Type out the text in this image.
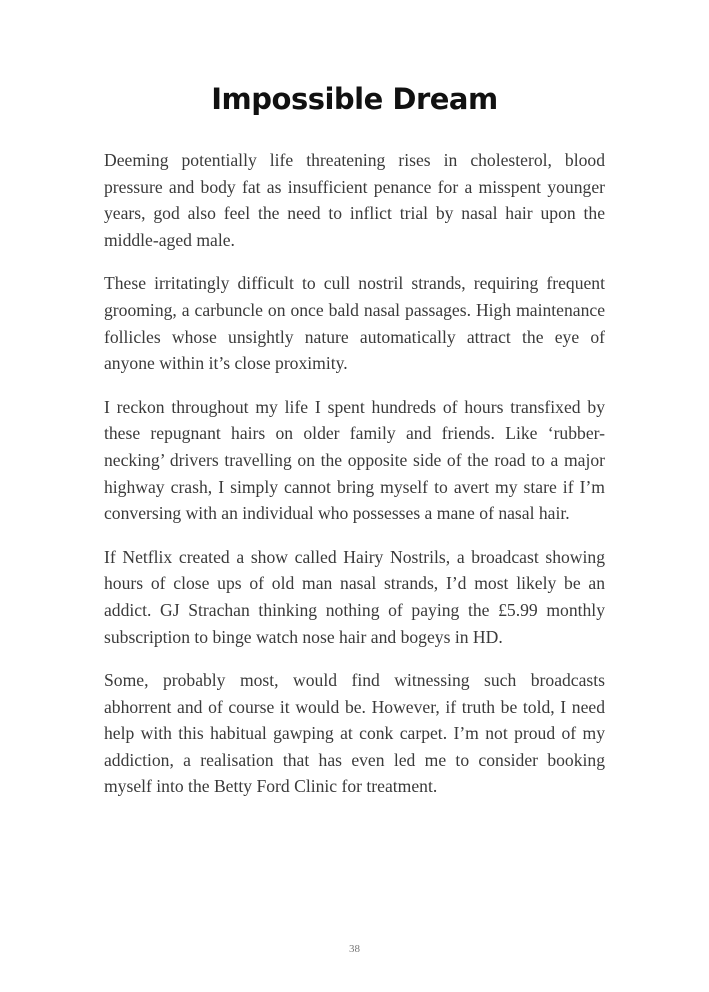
Impossible Dream

Deeming potentially life threatening rises in cholesterol, blood pressure and body fat as insufficient penance for a misspent younger years, god also feel the need to inflict trial by nasal hair upon the middle-aged male.

These irritatingly difficult to cull nostril strands, requiring frequent grooming, a carbuncle on once bald nasal passages. High maintenance follicles whose unsightly nature automatically attract the eye of anyone within it’s close proximity.

I reckon throughout my life I spent hundreds of hours transfixed by these repugnant hairs on older family and friends. Like ‘rubber-necking’ drivers travelling on the opposite side of the road to a major highway crash, I simply cannot bring myself to avert my stare if I’m conversing with an individual who possesses a mane of nasal hair.

If Netflix created a show called Hairy Nostrils, a broadcast showing hours of close ups of old man nasal strands, I’d most likely be an addict. GJ Strachan thinking nothing of paying the £5.99 monthly subscription to binge watch nose hair and bogeys in HD.

Some, probably most, would find witnessing such broadcasts abhorrent and of course it would be. However, if truth be told, I need help with this habitual gawping at conk carpet. I’m not proud of my addiction, a realisation that has even led me to consider booking myself into the Betty Ford Clinic for treatment.

38
